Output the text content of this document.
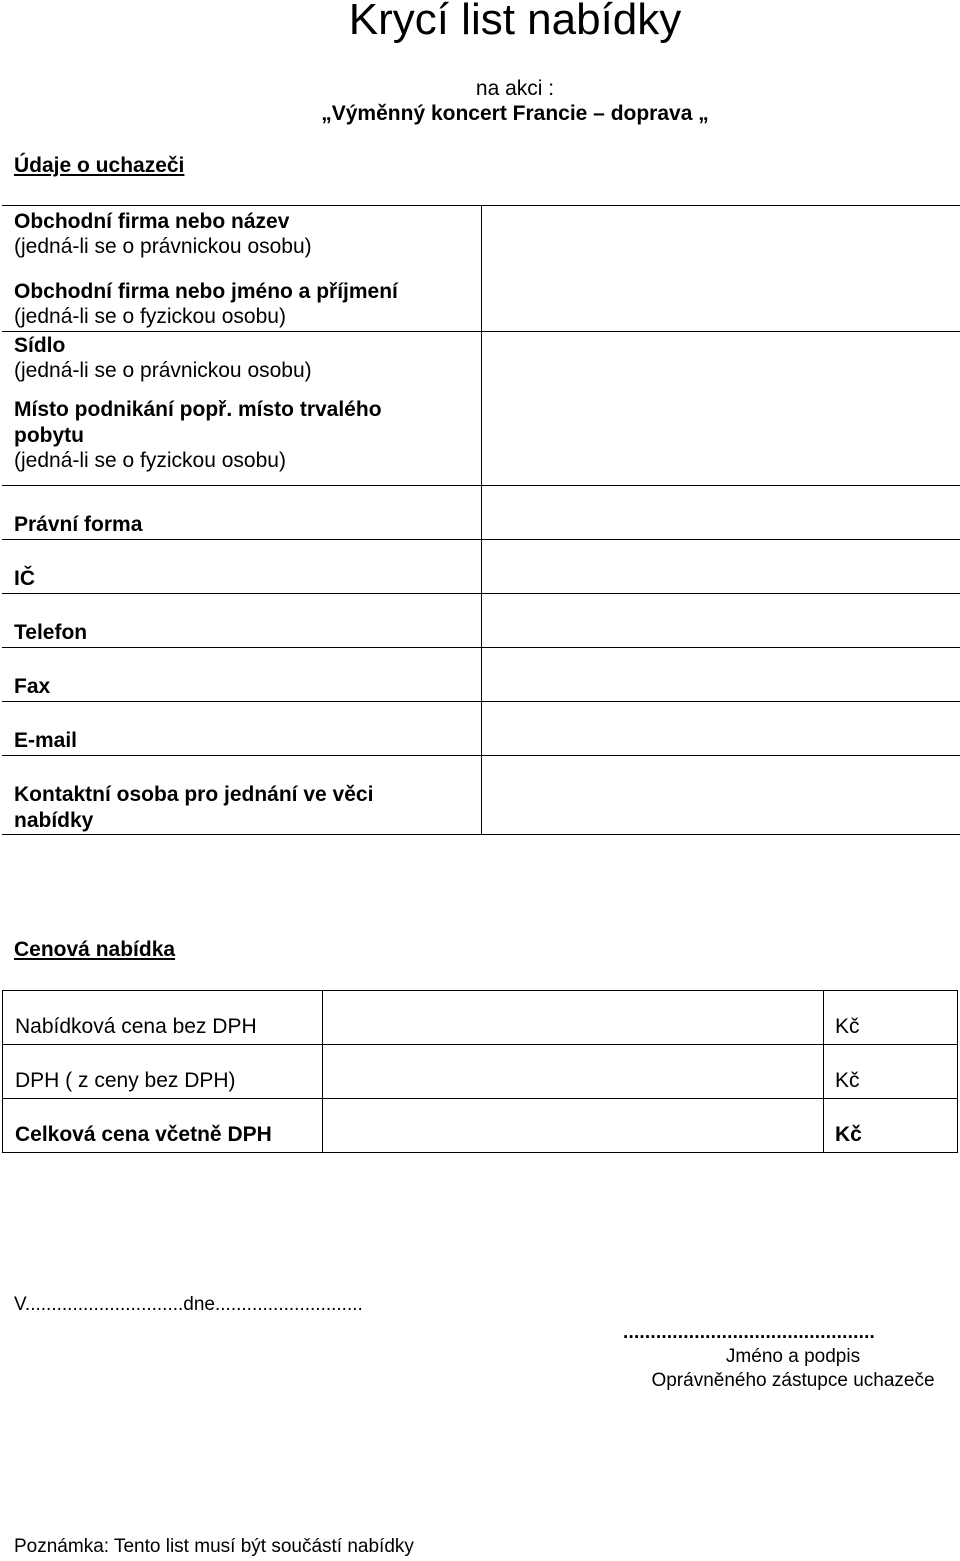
Krycí list nabídky
na akci :
„Výměnný koncert Francie – doprava „
Údaje o uchazeči
Obchodní firma nebo název
(jedná-li se o právnickou osobu)
Obchodní firma nebo jméno a příjmení
(jedná-li se o fyzickou osobu)	

Sídlo
(jedná-li se o právnickou osobu)
Místo podnikání popř. místo trvalého pobytu
(jedná-li se o fyzickou osobu)	

Právní forma	

IČ	

Telefon	

Fax	

E-mail	

Kontaktní osoba pro jednání ve věci nabídky	

Cenová nabídka
Nabídková cena bez DPH		Kč
DPH ( z ceny bez DPH)		Kč
Celková cena včetně DPH		Kč
V..............................dne............................
..............................................
Jméno a podpis
Oprávněného zástupce uchazeče
Poznámka: Tento list musí být součástí nabídky
